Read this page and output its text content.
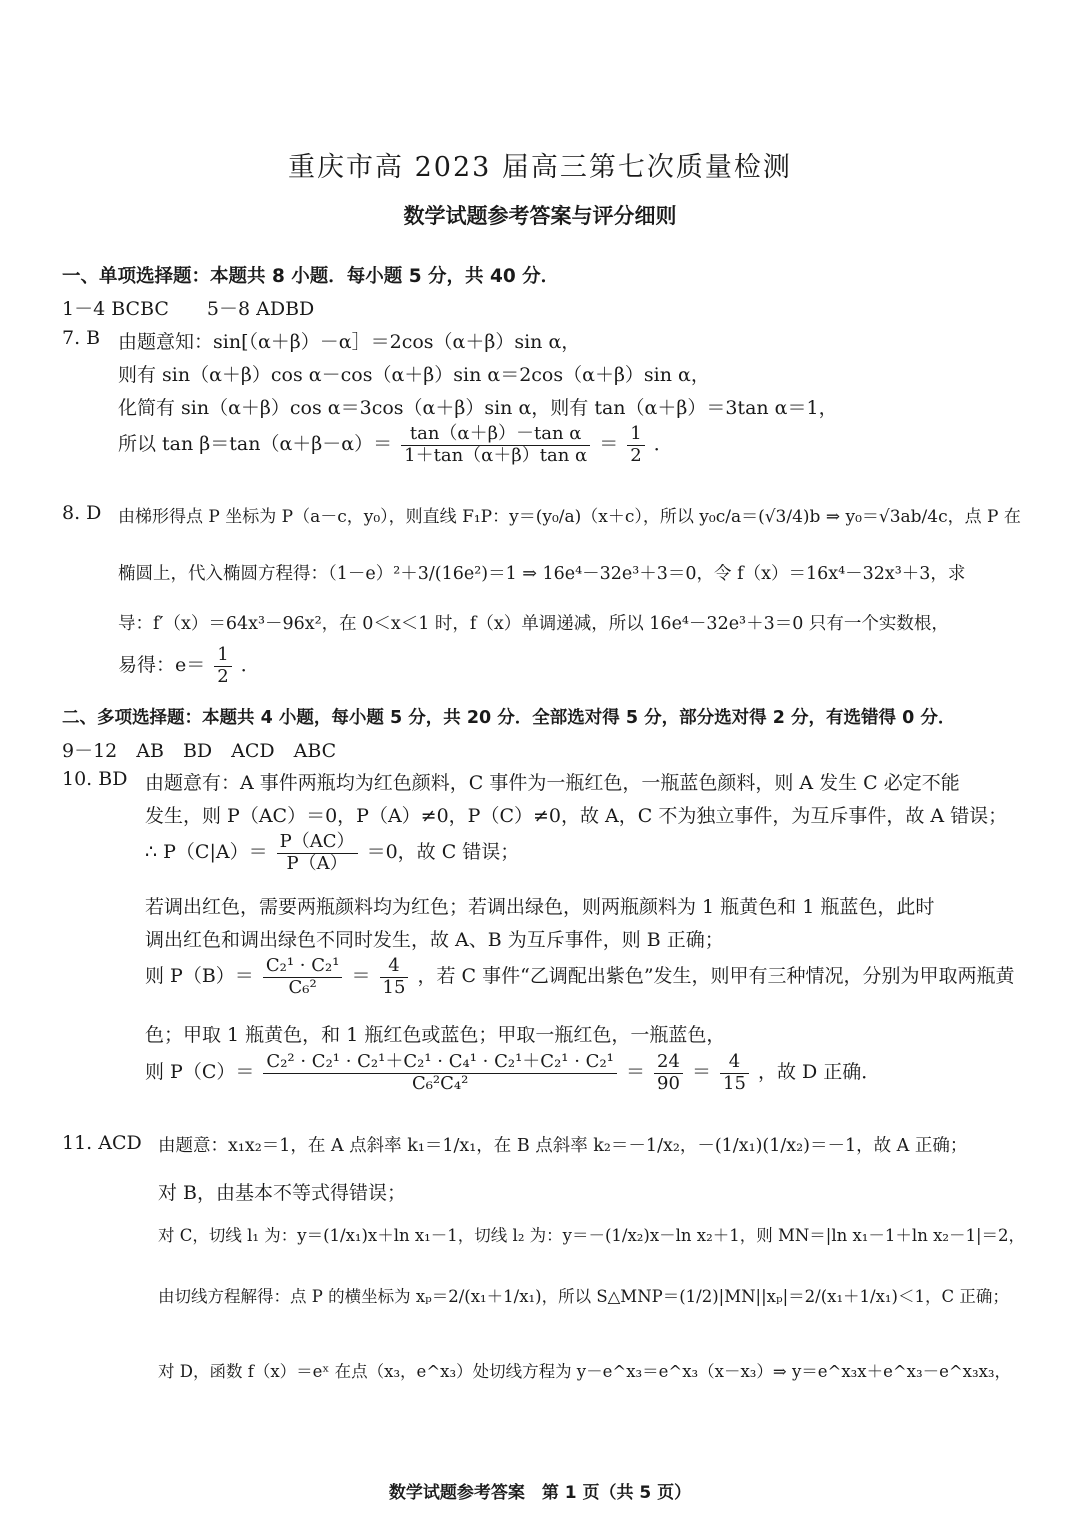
重庆市高 2023 届高三第七次质量检测
数学试题参考答案与评分细则
一、单项选择题：本题共 8 小题．每小题 5 分，共 40 分．
1－4 BCBC　　5－8 ADBD
7. B 由题意知：sin[（α＋β）－α］＝2cos（α＋β）sin α，
则有 sin（α＋β）cos α－cos（α＋β）sin α＝2cos（α＋β）sin α，
化简有 sin（α＋β）cos α＝3cos（α＋β）sin α，则有 tan（α＋β）＝3tan α＝1，
所以 $\tan \beta=\tan(\alpha+\beta-\alpha)= \frac{\text{tan（α＋β）－tan α}}{\text{1＋tan（α＋β）tan α}} = \frac{1}{2}$ ．
8. D 由梯形得点 P 坐标为 P（a－c，y₀），则直线 F₁P：y＝(y₀/a)（x＋c），所以 y₀c/a＝(√3/4)b ⇒ y₀＝√3ab/4c，点 P 在
椭圆上，代入椭圆方程得：（1－e）²＋3/(16e²)＝1 ⇒ 16e⁴－32e³＋3＝0，令 f（x）＝16x⁴－32x³＋3，求
导：f′（x）＝64x³－96x²，在 0＜x＜1 时，f（x）单调递减，所以 16e⁴－32e³＋3＝0 只有一个实数根，
易得：$e= \frac{1}{2}$ ．
二、多项选择题：本题共 4 小题，每小题 5 分，共 20 分．全部选对得 5 分，部分选对得 2 分，有选错得 0 分．
9－12　AB　BD　ACD　ABC
10. BD 由题意有：A 事件两瓶均为红色颜料，C 事件为一瓶红色，一瓶蓝色颜料，则 A 发生 C 必定不能
发生，则 P（AC）＝0，P（A）≠0，P（C）≠0，故 A，C 不为独立事件，为互斥事件，故 A 错误；
∴ $P(C|A)= \frac{P(AC)}{P(A)} =0$，故 C 错误；
若调出红色，需要两瓶颜料均为红色；若调出绿色，则两瓶颜料为 1 瓶黄色和 1 瓶蓝色，此时
调出红色和调出绿色不同时发生，故 A、B 为互斥事件，则 B 正确；
则 $P(B)= \frac{\text{C₂¹ · C₂¹}}{\text{C₆²}} = \frac{4}{15}$ ，若 C 事件“乙调配出紫色”发生，则甲有三种情况，分别为甲取两瓶黄
色；甲取 1 瓶黄色，和 1 瓶红色或蓝色；甲取一瓶红色，一瓶蓝色，
则 $P(C)= \frac{\text{C₂² · C₂¹ · C₂¹＋C₂¹ · C₄¹ · C₂¹＋C₂¹ · C₂¹}}{\text{C₆²C₄²}} = \frac{24}{90} = \frac{4}{15}$ ，故 D 正确．
11. ACD 由题意：x₁x₂＝1，在 A 点斜率 k₁＝1/x₁，在 B 点斜率 k₂＝－1/x₂，－(1/x₁)(1/x₂)＝－1，故 A 正确；
对 B，由基本不等式得错误；
对 C，切线 l₁ 为：y＝(1/x₁)x＋ln x₁－1，切线 l₂ 为：y＝－(1/x₂)x－ln x₂＋1，则 MN＝|ln x₁－1＋ln x₂－1|＝2，
由切线方程解得：点 P 的横坐标为 xₚ＝2/(x₁＋1/x₁)，所以 S△MNP＝(1/2)|MN||xₚ|＝2/(x₁＋1/x₁)＜1，C 正确；
对 D，函数 f（x）＝eˣ 在点（x₃，e^x₃）处切线方程为 y－e^x₃＝e^x₃（x－x₃）⇒ y＝e^x₃x＋e^x₃－e^x₃x₃，
数学试题参考答案　第 1 页（共 5 页）
